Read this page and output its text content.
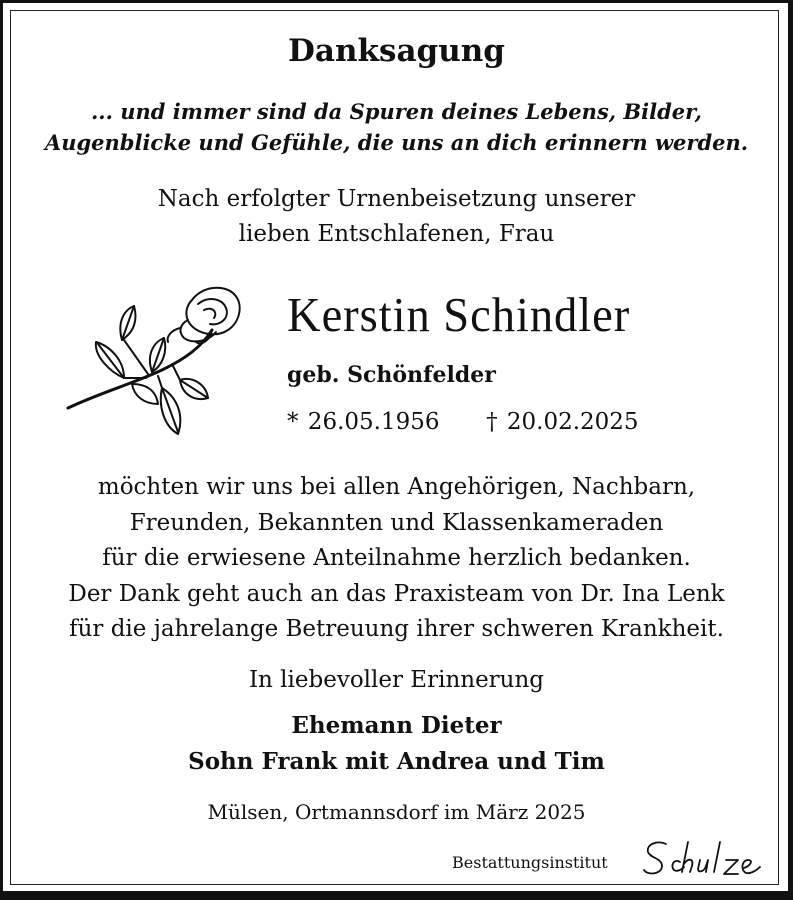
Danksagung
... und immer sind da Spuren deines Lebens, Bilder,
Augenblicke und Gefühle, die uns an dich erinnern werden.
Nach erfolgter Urnenbeisetzung unserer
lieben Entschlafenen, Frau
Kerstin Schindler
geb. Schönfelder
* 26.05.1956 † 20.02.2025
möchten wir uns bei allen Angehörigen, Nachbarn,
Freunden, Bekannten und Klassenkameraden
für die erwiesene Anteilnahme herzlich bedanken.
Der Dank geht auch an das Praxisteam von Dr. Ina Lenk
für die jahrelange Betreuung ihrer schweren Krankheit.
In liebevoller Erinnerung
Ehemann Dieter
Sohn Frank mit Andrea und Tim
Mülsen, Ortmannsdorf im März 2025
Bestattungsinstitut
